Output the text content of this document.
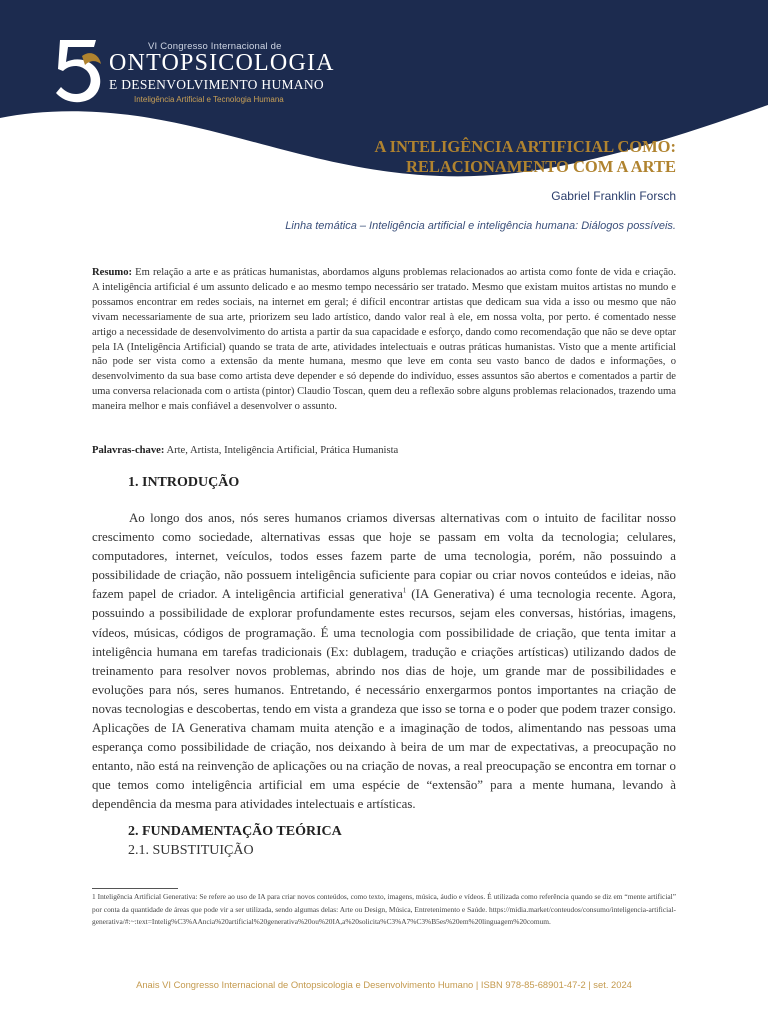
VI Congresso Internacional de
ONTOPSICOLOGIA
E DESENVOLVIMENTO HUMANO
Inteligência Artificial e Tecnologia Humana
A INTELIGÊNCIA ARTIFICIAL COMO:
RELACIONAMENTO COM A ARTE
Gabriel Franklin Forsch
Linha temática – Inteligência artificial e inteligência humana: Diálogos possíveis.
Resumo: Em relação a arte e as práticas humanistas, abordamos alguns problemas relacionados ao artista como fonte de vida e criação. A inteligência artificial é um assunto delicado e ao mesmo tempo necessário ser tratado. Mesmo que existam muitos artistas no mundo e possamos encontrar em redes sociais, na internet em geral; é difícil encontrar artistas que dedicam sua vida a isso ou mesmo que não vivam necessariamente de sua arte, priorizem seu lado artístico, dando valor real à ele, em nossa volta, por perto. é comentado nesse artigo a necessidade de desenvolvimento do artista a partir da sua capacidade e esforço, dando como recomendação que não se deve optar pela IA (Inteligência Artificial) quando se trata de arte, atividades intelectuais e outras práticas humanistas. Visto que a mente artificial não pode ser vista como a extensão da mente humana, mesmo que leve em conta seu vasto banco de dados e informações, o desenvolvimento da sua base como artista deve depender e só depende do indivíduo, esses assuntos são abertos e comentados a partir de uma conversa relacionada com o artista (pintor) Claudio Toscan, quem deu a reflexão sobre alguns problemas relacionados, trazendo uma maneira melhor e mais confiável a desenvolver o assunto.
Palavras-chave: Arte, Artista, Inteligência Artificial, Prática Humanista
1. INTRODUÇÃO

Ao longo dos anos, nós seres humanos criamos diversas alternativas com o intuito de facilitar nosso crescimento como sociedade, alternativas essas que hoje se passam em volta da tecnologia; celulares, computadores, internet, veículos, todos esses fazem parte de uma tecnologia, porém, não possuindo a possibilidade de criação, não possuem inteligência suficiente para copiar ou criar novos conteúdos e ideias, não fazem papel de criador. A inteligência artificial generativa$^1$ (IA Generativa) é uma tecnologia recente. Agora, possuindo a possibilidade de explorar profundamente estes recursos, sejam eles conversas, histórias, imagens, vídeos, músicas, códigos de programação. É uma tecnologia com possibilidade de criação, que tenta imitar a inteligência humana em tarefas tradicionais (Ex: dublagem, tradução e criações artísticas) utilizando dados de treinamento para resolver novos problemas, abrindo nos dias de hoje, um grande mar de possibilidades e evoluções para nós, seres humanos. Entretando, é necessário enxergarmos pontos importantes na criação de novas tecnologias e descobertas, tendo em vista a grandeza que isso se torna e o poder que podem trazer consigo. Aplicações de IA Generativa chamam muita atenção e a imaginação de todos, alimentando nas pessoas uma esperança como possibilidade de criação, nos deixando à beira de um mar de expectativas, a preocupação no entanto, não está na reinvenção de aplicações ou na criação de novas, a real preocupação se encontra em tornar o que temos como inteligência artificial em uma espécie de “extensão” para a mente humana, levando à dependência da mesma para atividades intelectuais e artísticas.

2. FUNDAMENTAÇÃO TEÓRICA
2.1. SUBSTITUIÇÃO
1 Inteligência Artificial Generativa: Se refere ao uso de IA para criar novos conteúdos, como texto, imagens, música, áudio e vídeos. É utilizada como referência quando se diz em “mente artificial” por conta da quantidade de áreas que pode vir a ser utilizada, sendo algumas delas: Arte ou Design, Música, Entretenimento e Saúde. https://midia.market/conteudos/consumo/inteligencia-artificial-generativa/#:~:text=Intelig%C3%AAncia%20artificial%20generativa%20ou%20IA,a%20solicita%C3%A7%C3%B5es%20em%20linguagem%20comum.
Anais VI Congresso Internacional de Ontopsicologia e Desenvolvimento Humano | ISBN 978-85-68901-47-2 | set. 2024
